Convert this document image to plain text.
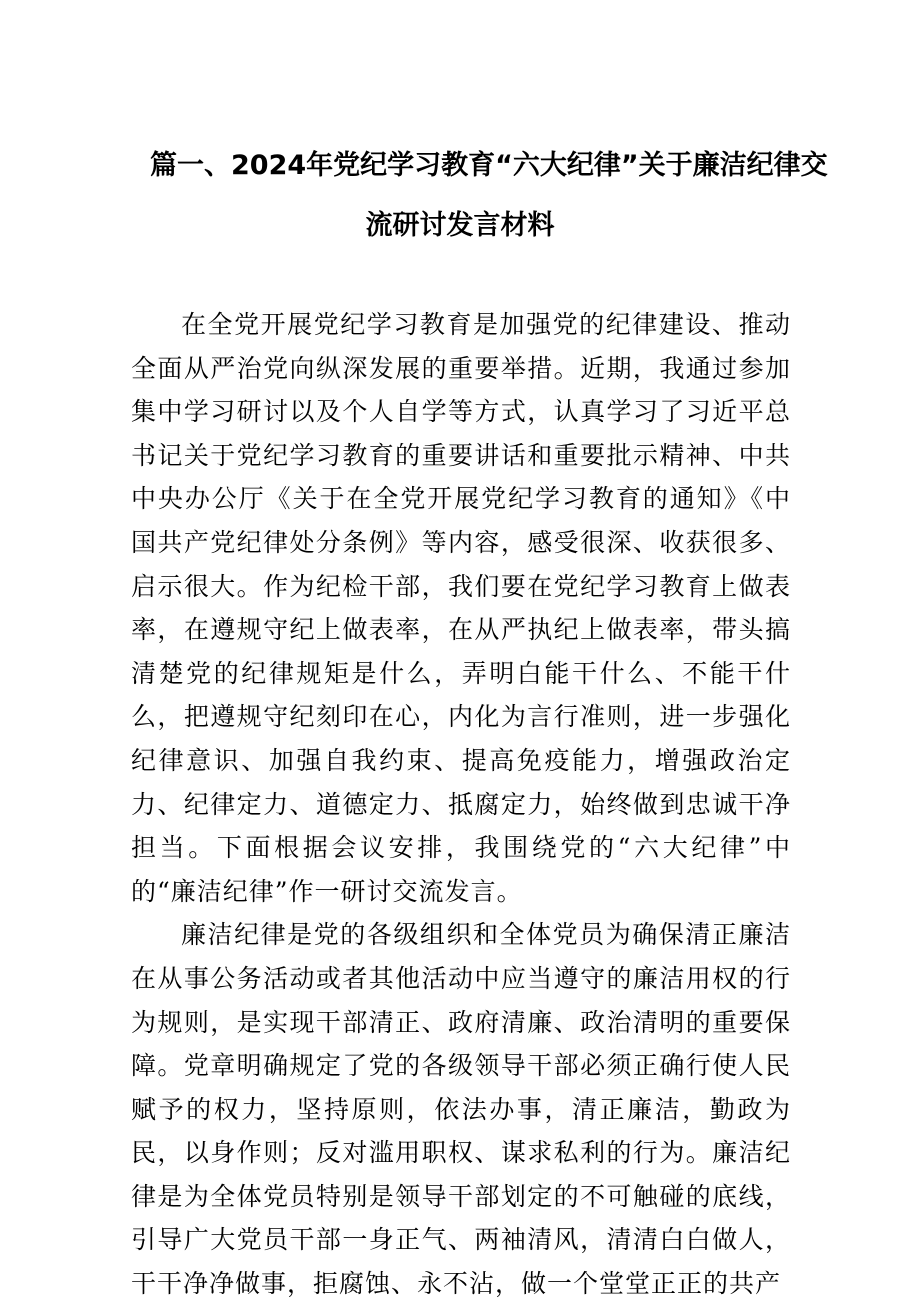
篇一、2024年党纪学习教育“六大纪律”关于廉洁纪律交
流研讨发言材料

在全党开展党纪学习教育是加强党的纪律建设、推动全面从严治党向纵深发展的重要举措。近期，我通过参加集中学习研讨以及个人自学等方式，认真学习了习近平总书记关于党纪学习教育的重要讲话和重要批示精神、中共中央办公厅《关于在全党开展党纪学习教育的通知》《中国共产党纪律处分条例》等内容，感受很深、收获很多、启示很大。作为纪检干部，我们要在党纪学习教育上做表率，在遵规守纪上做表率，在从严执纪上做表率，带头搞清楚党的纪律规矩是什么，弄明白能干什么、不能干什么，把遵规守纪刻印在心，内化为言行准则，进一步强化纪律意识、加强自我约束、提高免疫能力，增强政治定力、纪律定力、道德定力、抵腐定力，始终做到忠诚干净担当。下面根据会议安排，我围绕党的“六大纪律”中的“廉洁纪律”作一研讨交流发言。

廉洁纪律是党的各级组织和全体党员为确保清正廉洁在从事公务活动或者其他活动中应当遵守的廉洁用权的行为规则，是实现干部清正、政府清廉、政治清明的重要保障。党章明确规定了党的各级领导干部必须正确行使人民赋予的权力，坚持原则，依法办事，清正廉洁，勤政为民，以身作则；反对滥用职权、谋求私利的行为。廉洁纪律是为全体党员特别是领导干部划定的不可触碰的底线，引导广大党员干部一身正气、两袖清风，清清白白做人，干干净净做事，拒腐蚀、永不沾，做一个堂堂正正的共产
